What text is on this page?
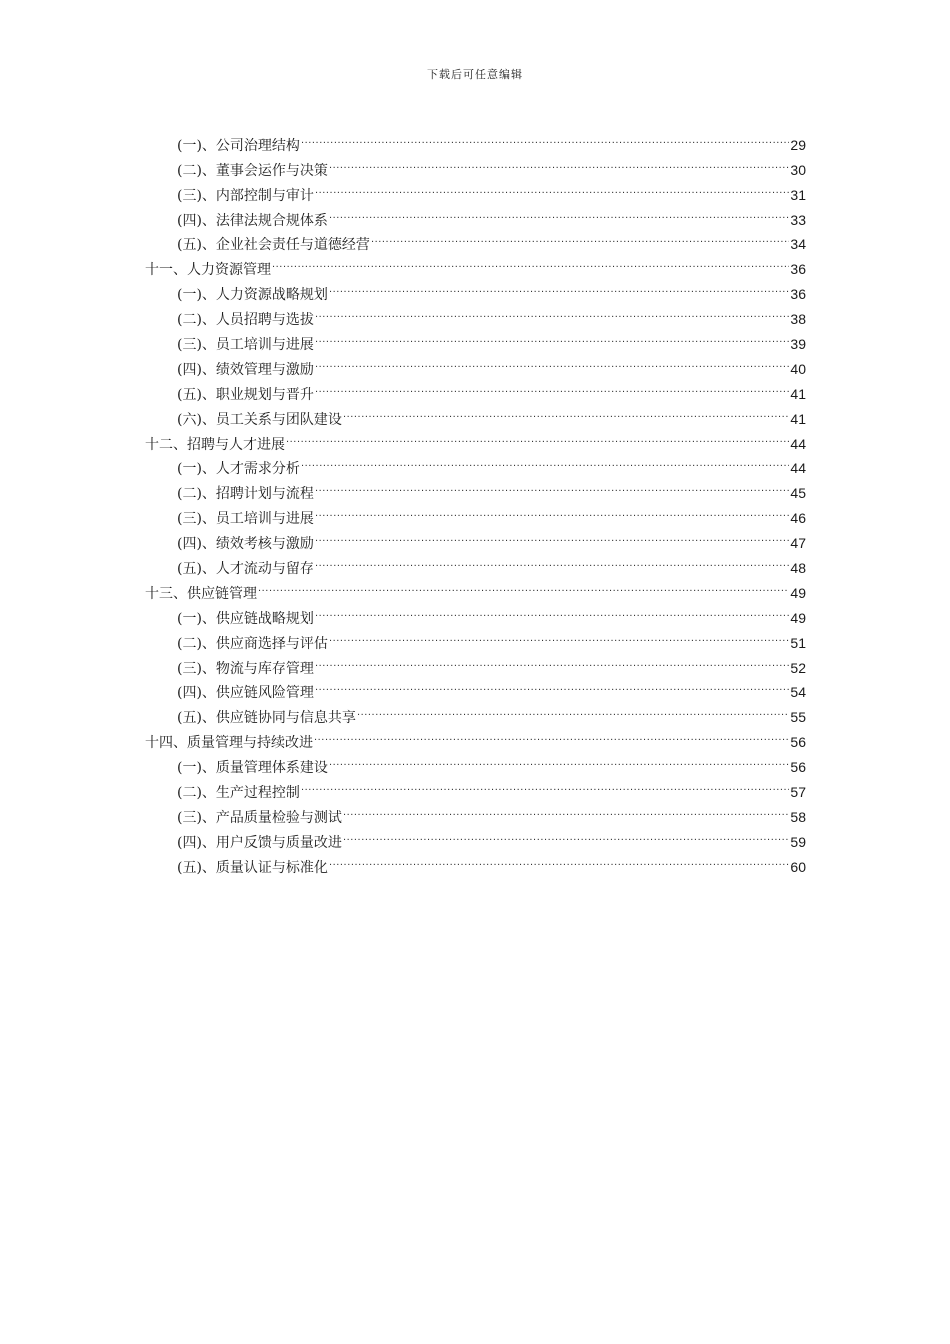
下载后可任意编辑
(一)、公司治理结构 .....	29
(二)、董事会运作与决策 .....	30
(三)、内部控制与审计 .....	31
(四)、法律法规合规体系 .....	33
(五)、企业社会责任与道德经营 .....	34
十一、人力资源管理 .....	36
(一)、人力资源战略规划 .....	36
(二)、人员招聘与选拔 .....	38
(三)、员工培训与进展 .....	39
(四)、绩效管理与激励 .....	40
(五)、职业规划与晋升 .....	41
(六)、员工关系与团队建设 .....	41
十二、招聘与人才进展 .....	44
(一)、人才需求分析 .....	44
(二)、招聘计划与流程 .....	45
(三)、员工培训与进展 .....	46
(四)、绩效考核与激励 .....	47
(五)、人才流动与留存 .....	48
十三、供应链管理 .....	49
(一)、供应链战略规划 .....	49
(二)、供应商选择与评估 .....	51
(三)、物流与库存管理 .....	52
(四)、供应链风险管理 .....	54
(五)、供应链协同与信息共享 .....	55
十四、质量管理与持续改进 .....	56
(一)、质量管理体系建设 .....	56
(二)、生产过程控制 .....	57
(三)、产品质量检验与测试 .....	58
(四)、用户反馈与质量改进 .....	59
(五)、质量认证与标准化 .....	60
